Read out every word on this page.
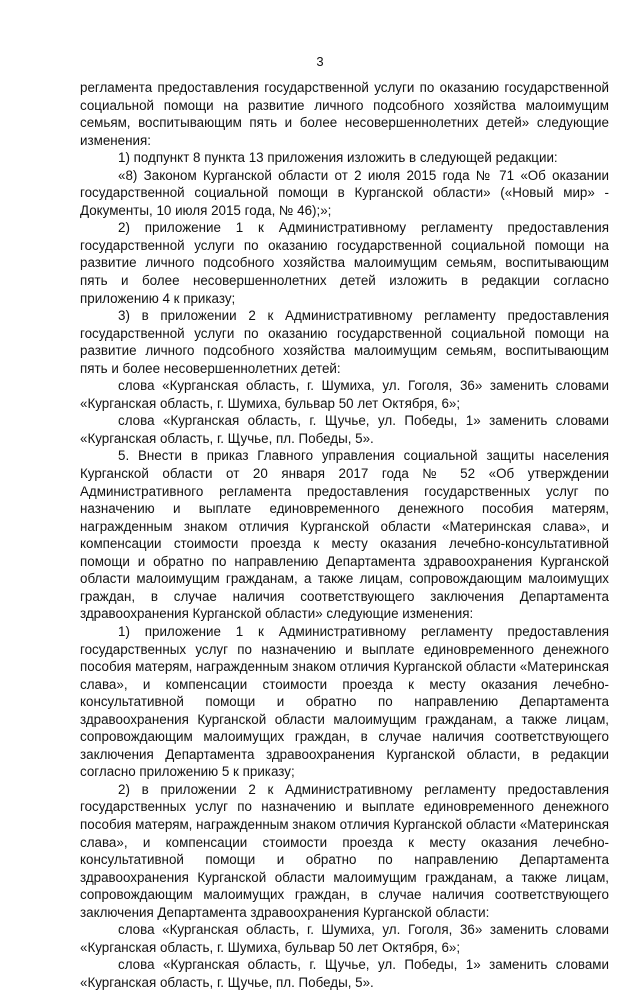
3

регламента предоставления государственной услуги по оказанию государственной социальной помощи на развитие личного подсобного хозяйства малоимущим семьям, воспитывающим пять и более несовершеннолетних детей» следующие изменения:

1) подпункт 8 пункта 13 приложения изложить в следующей редакции:

«8) Законом Курганской области от 2 июля 2015 года № 71 «Об оказании государственной социальной помощи в Курганской области» («Новый мир» - Документы, 10 июля 2015 года, № 46);»;

2) приложение 1 к Административному регламенту предоставления государственной услуги по оказанию государственной социальной помощи на развитие личного подсобного хозяйства малоимущим семьям, воспитывающим пять и более несовершеннолетних детей изложить в редакции согласно приложению 4 к приказу;

3) в приложении 2 к Административному регламенту предоставления государственной услуги по оказанию государственной социальной помощи на развитие личного подсобного хозяйства малоимущим семьям, воспитывающим пять и более несовершеннолетних детей:

слова «Курганская область, г. Шумиха, ул. Гоголя, 36» заменить словами «Курганская область, г. Шумиха, бульвар 50 лет Октября, 6»;

слова «Курганская область, г. Щучье, ул. Победы, 1» заменить словами «Курганская область, г. Щучье, пл. Победы, 5».

5. Внести в приказ Главного управления социальной защиты населения Курганской области от 20 января 2017 года № 52 «Об утверждении Административного регламента предоставления государственных услуг по назначению и выплате единовременного денежного пособия матерям, награжденным знаком отличия Курганской области «Материнская слава», и компенсации стоимости проезда к месту оказания лечебно-консультативной помощи и обратно по направлению Департамента здравоохранения Курганской области малоимущим гражданам, а также лицам, сопровождающим малоимущих граждан, в случае наличия соответствующего заключения Департамента здравоохранения Курганской области» следующие изменения:

1) приложение 1 к Административному регламенту предоставления государственных услуг по назначению и выплате единовременного денежного пособия матерям, награжденным знаком отличия Курганской области «Материнская слава», и компенсации стоимости проезда к месту оказания лечебно-консультативной помощи и обратно по направлению Департамента здравоохранения Курганской области малоимущим гражданам, а также лицам, сопровождающим малоимущих граждан, в случае наличия соответствующего заключения Департамента здравоохранения Курганской области, в редакции согласно приложению 5 к приказу;

2) в приложении 2 к Административному регламенту предоставления государственных услуг по назначению и выплате единовременного денежного пособия матерям, награжденным знаком отличия Курганской области «Материнская слава», и компенсации стоимости проезда к месту оказания лечебно-консультативной помощи и обратно по направлению Департамента здравоохранения Курганской области малоимущим гражданам, а также лицам, сопровождающим малоимущих граждан, в случае наличия соответствующего заключения Департамента здравоохранения Курганской области:

слова «Курганская область, г. Шумиха, ул. Гоголя, 36» заменить словами «Курганская область, г. Шумиха, бульвар 50 лет Октября, 6»;

слова «Курганская область, г. Щучье, ул. Победы, 1» заменить словами «Курганская область, г. Щучье, пл. Победы, 5».
